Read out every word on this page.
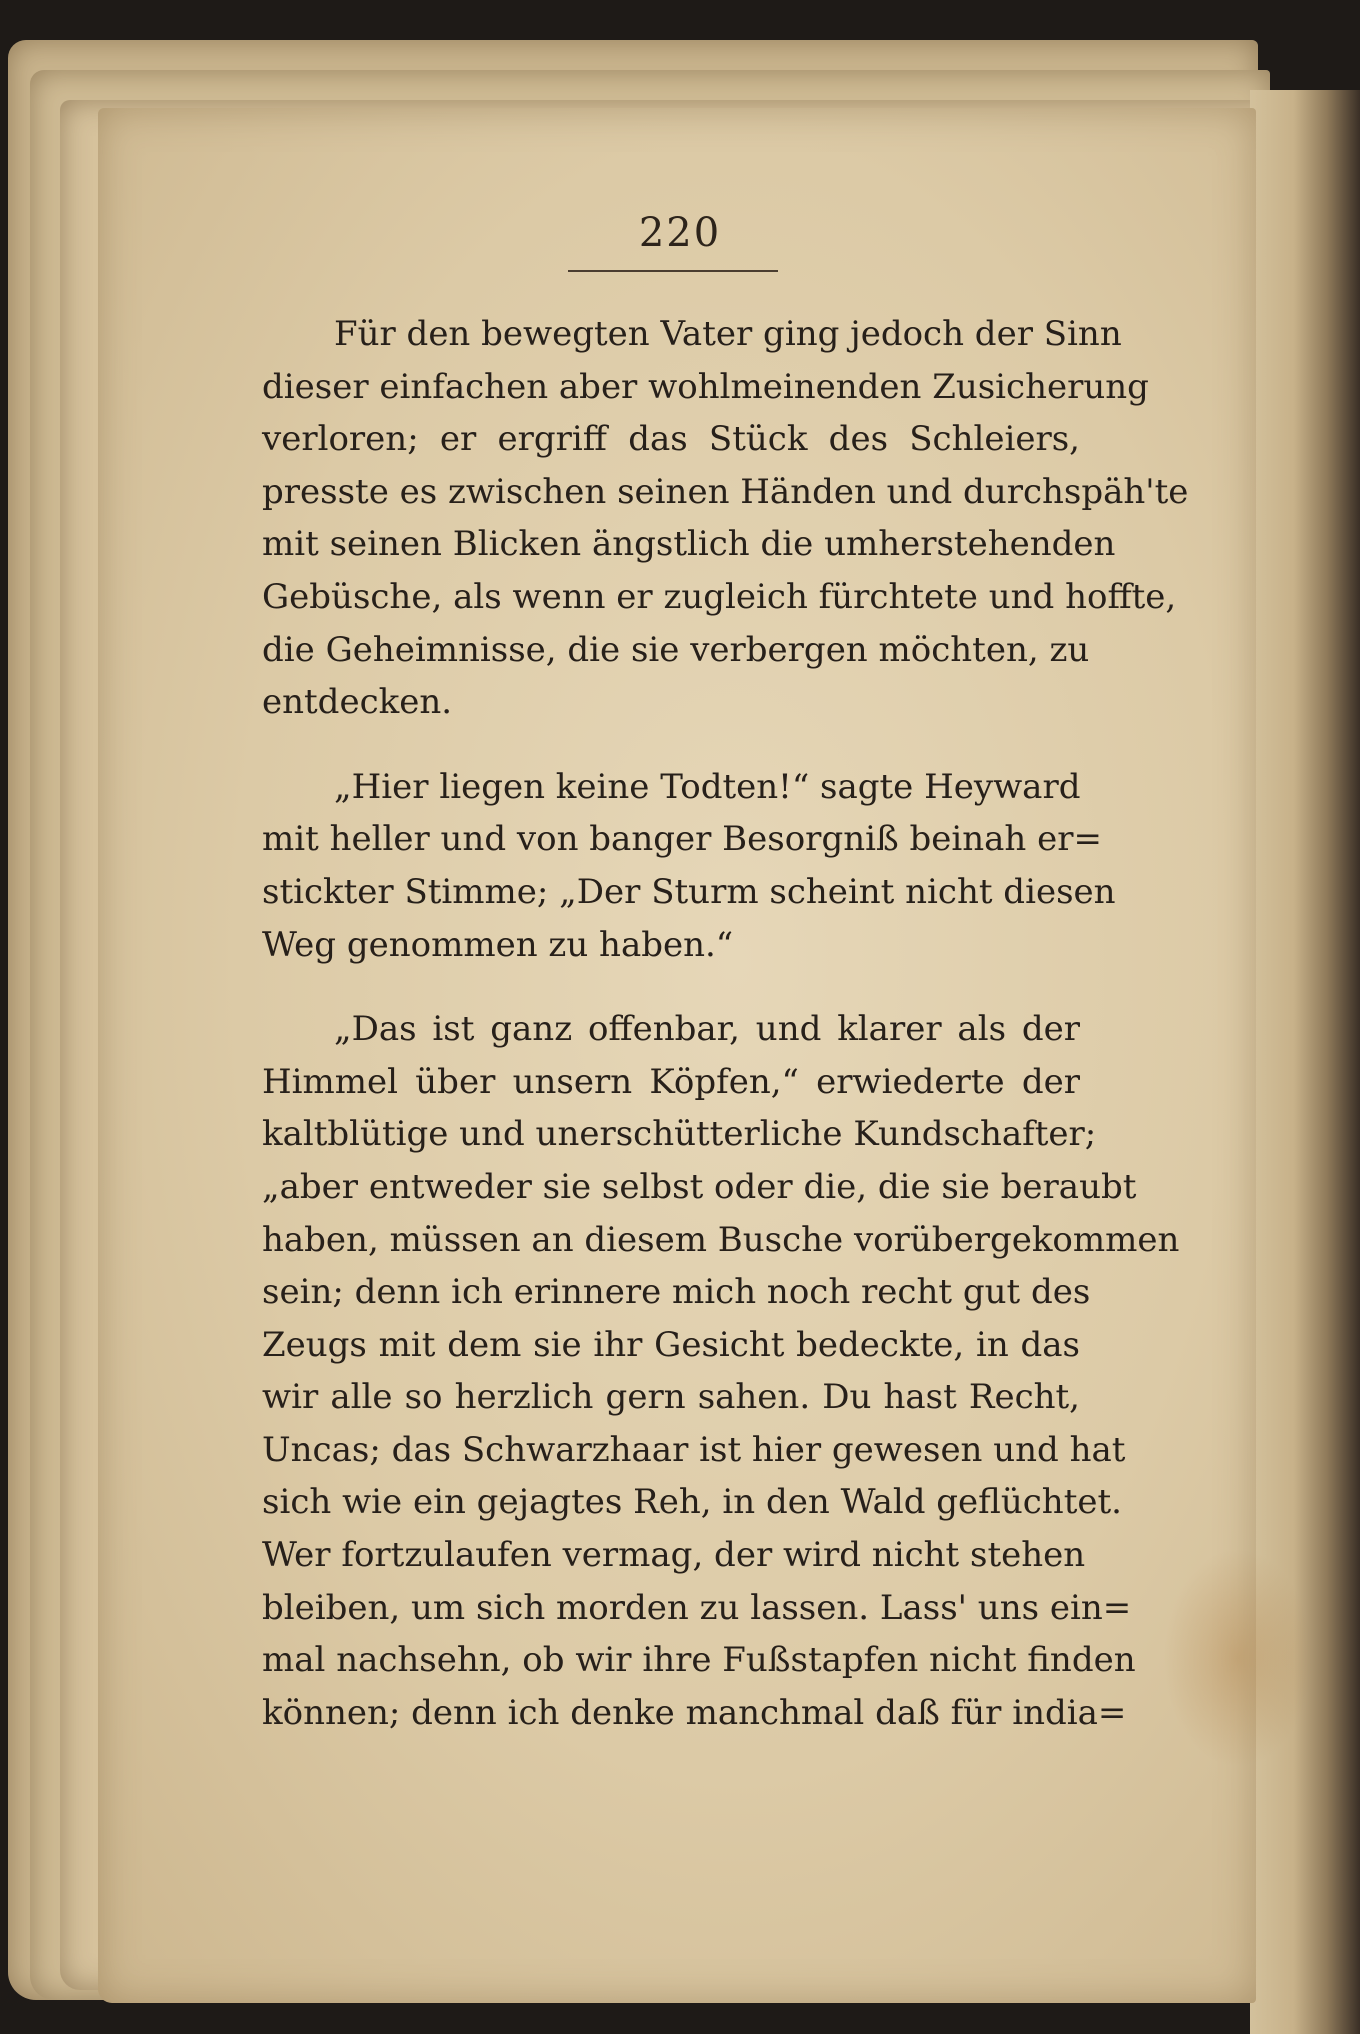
220
Für den bewegten Vater ging jedoch der Sinn
dieser einfachen aber wohlmeinenden Zusicherung
verloren; er ergriff das Stück des Schleiers,
presste es zwischen seinen Händen und durchspäh'te
mit seinen Blicken ängstlich die umherstehenden
Gebüsche, als wenn er zugleich fürchtete und hoffte,
die Geheimnisse, die sie verbergen möchten, zu
entdecken.
„Hier liegen keine Todten!“ sagte Heyward
mit heller und von banger Besorgniß beinah er=
stickter Stimme; „Der Sturm scheint nicht diesen
Weg genommen zu haben.“
„Das ist ganz offenbar, und klarer als der
Himmel über unsern Köpfen,“ erwiederte der
kaltblütige und unerschütterliche Kundschafter;
„aber entweder sie selbst oder die, die sie beraubt
haben, müssen an diesem Busche vorübergekommen
sein; denn ich erinnere mich noch recht gut des
Zeugs mit dem sie ihr Gesicht bedeckte, in das
wir alle so herzlich gern sahen. Du hast Recht,
Uncas; das Schwarzhaar ist hier gewesen und hat
sich wie ein gejagtes Reh, in den Wald geflüchtet.
Wer fortzulaufen vermag, der wird nicht stehen
bleiben, um sich morden zu lassen. Lass' uns ein=
mal nachsehn, ob wir ihre Fußstapfen nicht finden
können; denn ich denke manchmal daß für india=
